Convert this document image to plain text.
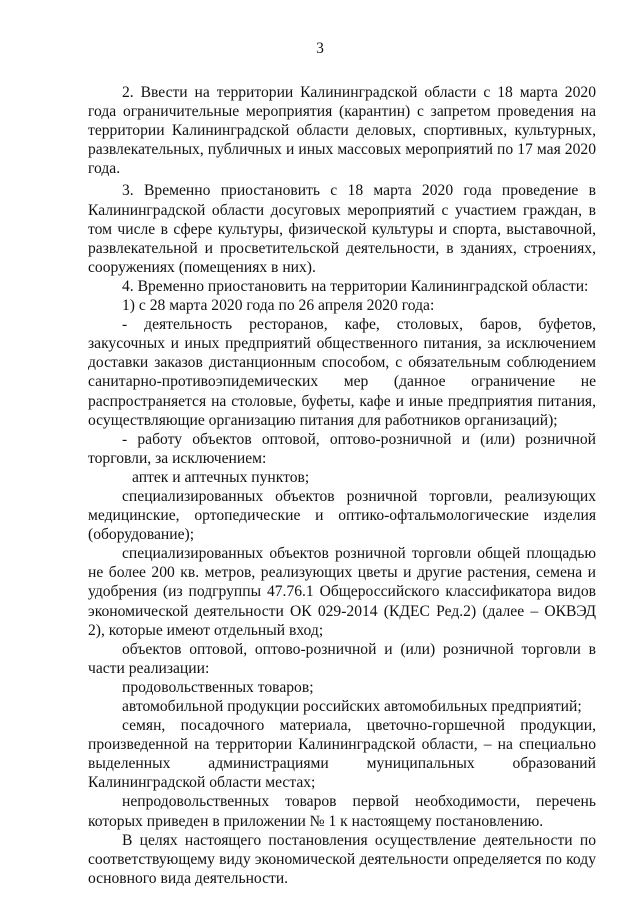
3

2. Ввести на территории Калининградской области с 18 марта 2020 года ограничительные мероприятия (карантин) с запретом проведения на территории Калининградской области деловых, спортивных, культурных, развлекательных, публичных и иных массовых мероприятий по 17 мая 2020 года.

3. Временно приостановить с 18 марта 2020 года проведение в Калининградской области досуговых мероприятий с участием граждан, в том числе в сфере культуры, физической культуры и спорта, выставочной, развлекательной и просветительской деятельности, в зданиях, строениях, сооружениях (помещениях в них).

4. Временно приостановить на территории Калининградской области:

1) с 28 марта 2020 года по 26 апреля 2020 года:

- деятельность ресторанов, кафе, столовых, баров, буфетов, закусочных и иных предприятий общественного питания, за исключением доставки заказов дистанционным способом, с обязательным соблюдением санитарно-противоэпидемических мер (данное ограничение не распространяется на столовые, буфеты, кафе и иные предприятия питания, осуществляющие организацию питания для работников организаций);

- работу объектов оптовой, оптово-розничной и (или) розничной торговли, за исключением:

аптек и аптечных пунктов;

специализированных объектов розничной торговли, реализующих медицинские, ортопедические и оптико-офтальмологические изделия (оборудование);

специализированных объектов розничной торговли общей площадью не более 200 кв. метров, реализующих цветы и другие растения, семена и удобрения (из подгруппы 47.76.1 Общероссийского классификатора видов экономической деятельности ОК 029-2014 (КДЕС Ред.2) (далее – ОКВЭД 2), которые имеют отдельный вход;

объектов оптовой, оптово-розничной и (или) розничной торговли в части реализации:

продовольственных товаров;

автомобильной продукции российских автомобильных предприятий;

семян, посадочного материала, цветочно-горшечной продукции, произведенной на территории Калининградской области, – на специально выделенных администрациями муниципальных образований Калининградской области местах;

непродовольственных товаров первой необходимости, перечень которых приведен в приложении № 1 к настоящему постановлению.

В целях настоящего постановления осуществление деятельности по соответствующему виду экономической деятельности определяется по коду основного вида деятельности.
